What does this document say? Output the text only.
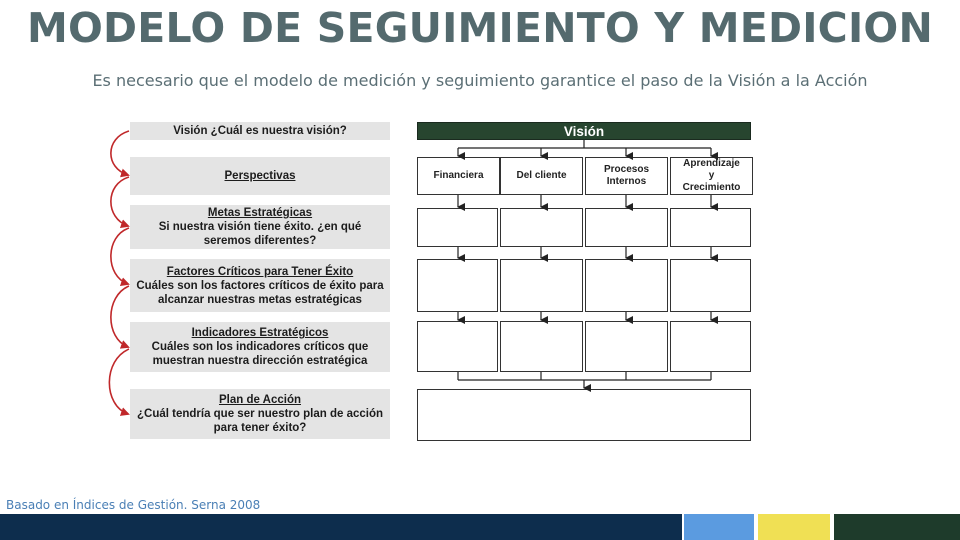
MODELO DE SEGUIMIENTO Y MEDICION
Es necesario que el modelo de medición y seguimiento garantice el paso de la Visión a la Acción
Visión ¿Cuál es nuestra visión?
Perspectivas
Metas Estratégicas
Si nuestra visión tiene éxito. ¿en qué seremos diferentes?
Factores Críticos para Tener Éxito
Cuáles son los factores críticos de éxito para alcanzar nuestras metas estratégicas
Indicadores Estratégicos
Cuáles son los indicadores críticos que muestran nuestra dirección estratégica
Plan de Acción
¿Cuál tendría que ser nuestro plan de acción para tener éxito?
Visión
Financiera	Del cliente
Procesos Internos
Aprendizaje y Crecimiento
Basado en Índices de Gestión. Serna 2008
